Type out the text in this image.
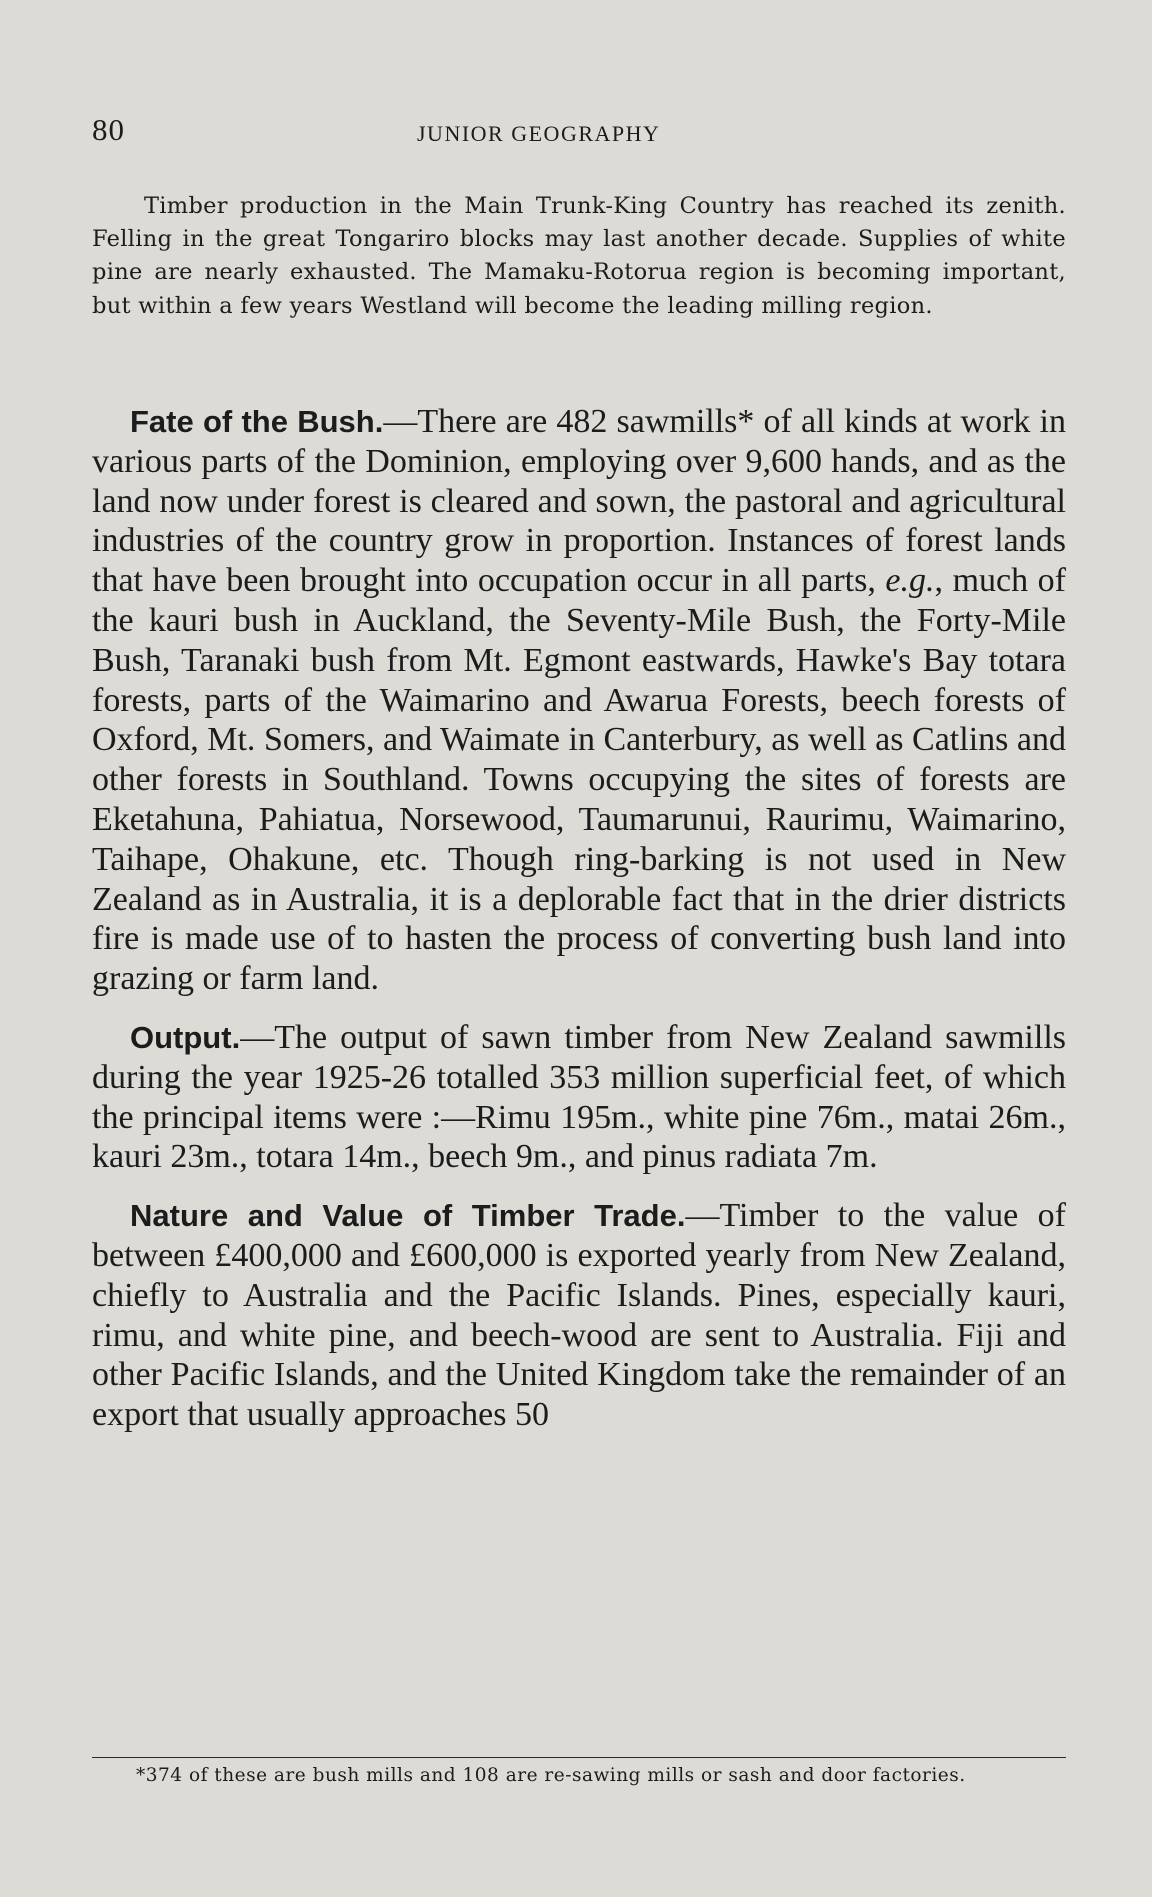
80	JUNIOR GEOGRAPHY

Timber production in the Main Trunk-King Country has reached its zenith. Felling in the great Tongariro blocks may last another decade. Supplies of white pine are nearly exhausted. The Mamaku-Rotorua region is becoming important, but within a few years Westland will become the leading milling region.

Fate of the Bush.—There are 482 sawmills* of all kinds at work in various parts of the Dominion, employing over 9,600 hands, and as the land now under forest is cleared and sown, the pastoral and agricultural industries of the country grow in proportion. Instances of forest lands that have been brought into occupation occur in all parts, e.g., much of the kauri bush in Auckland, the Seventy-Mile Bush, the Forty-Mile Bush, Taranaki bush from Mt. Egmont eastwards, Hawke's Bay totara forests, parts of the Waimarino and Awarua Forests, beech forests of Oxford, Mt. Somers, and Waimate in Canterbury, as well as Catlins and other forests in Southland. Towns occupying the sites of forests are Eketahuna, Pahiatua, Norsewood, Taumarunui, Raurimu, Waimarino, Taihape, Ohakune, etc. Though ring-barking is not used in New Zealand as in Australia, it is a deplorable fact that in the drier districts fire is made use of to hasten the process of converting bush land into grazing or farm land.

Output.—The output of sawn timber from New Zealand sawmills during the year 1925-26 totalled 353 million superficial feet, of which the principal items were :—Rimu 195m., white pine 76m., matai 26m., kauri 23m., totara 14m., beech 9m., and pinus radiata 7m.

Nature and Value of Timber Trade.—Timber to the value of between £400,000 and £600,000 is exported yearly from New Zealand, chiefly to Australia and the Pacific Islands. Pines, especially kauri, rimu, and white pine, and beech-wood are sent to Australia. Fiji and other Pacific Islands, and the United Kingdom take the remainder of an export that usually approaches 50

*374 of these are bush mills and 108 are re-sawing mills or sash and door factories.
